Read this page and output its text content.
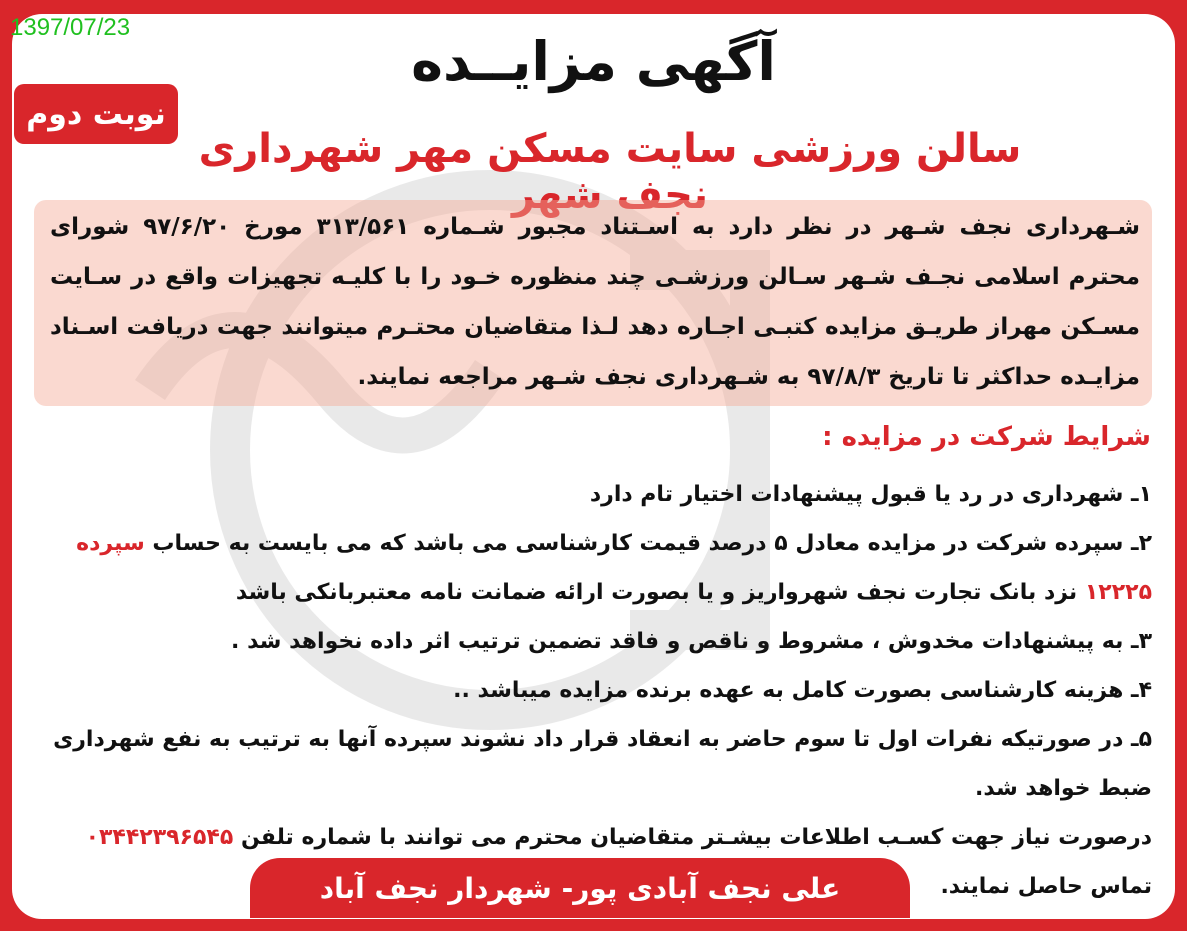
1397/07/23
آگهی مزایــده
نوبت دوم
سالن ورزشی سایت مسکن مهر شهرداری نجف شهر
شـهرداری نجف شـهر در نظر دارد به اسـتناد مجبور شـماره ۳۱۳/۵۶۱ مورخ ۹۷/۶/۲۰ شورای محترم اسلامی نجـف شـهر سـالن ورزشـی چند منظوره خـود را با کلیـه تجهیزات واقع در سـایت مسـکن مهراز طریـق مزایده کتبـی اجـاره دهد لـذا متقاضیان محتـرم میتوانند جهت دریافت اسـناد مزایـده حداکثر تا تاریخ ۹۷/۸/۳ به شـهرداری نجف شـهر مراجعه نمایند.
شرایط شرکت در مزایده :

۱ـ شهرداری در رد یا قبول پیشنهادات اختیار تام دارد

۲ـ سپرده شرکت در مزایده معادل ۵ درصد قیمت کارشناسی می باشد که می بایست به حساب سپرده ۱۲۲۲۵ نزد بانک تجارت نجف شهرواریز و یا بصورت ارائه ضمانت نامه معتبربانکی باشد

۳ـ به پیشنهادات مخدوش ، مشروط و ناقص و فاقد تضمین ترتیب اثر داده نخواهد شد .

۴ـ هزینه کارشناسی بصورت کامل به عهده برنده مزایده میباشد ..

۵ـ در صورتیکه نفرات اول تا سوم حاضر به انعقاد قرار داد نشوند سپرده آنها به ترتیب به نفع شهرداری ضبط خواهد شد.

درصورت نیاز جهت کسـب اطلاعات بیشـتر متقاضیان محترم می توانند با شماره تلفن ۰۳۴۴۲۳۹۶۵۴۵ تماس حاصل نمایند.

علی نجف آبادی پور- شهردار نجف آباد
